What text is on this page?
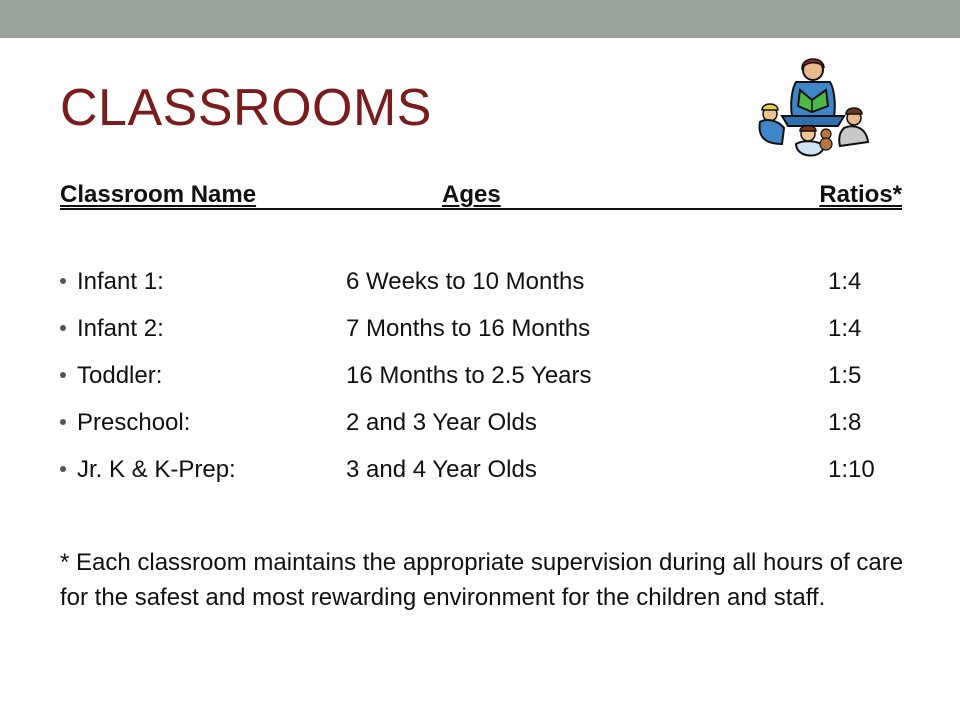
CLASSROOMS
Classroom Name	Ages	Ratios*
Infant 1:	6 Weeks to 10 Months	1:4
Infant 2:	7 Months to 16 Months	1:4
Toddler:	16 Months to 2.5 Years	1:5
Preschool:	2 and 3 Year Olds	1:8
Jr. K & K-Prep:	3 and 4 Year Olds	1:10

* Each classroom maintains the appropriate supervision during all hours of care for the safest and most rewarding environment for the children and staff.
